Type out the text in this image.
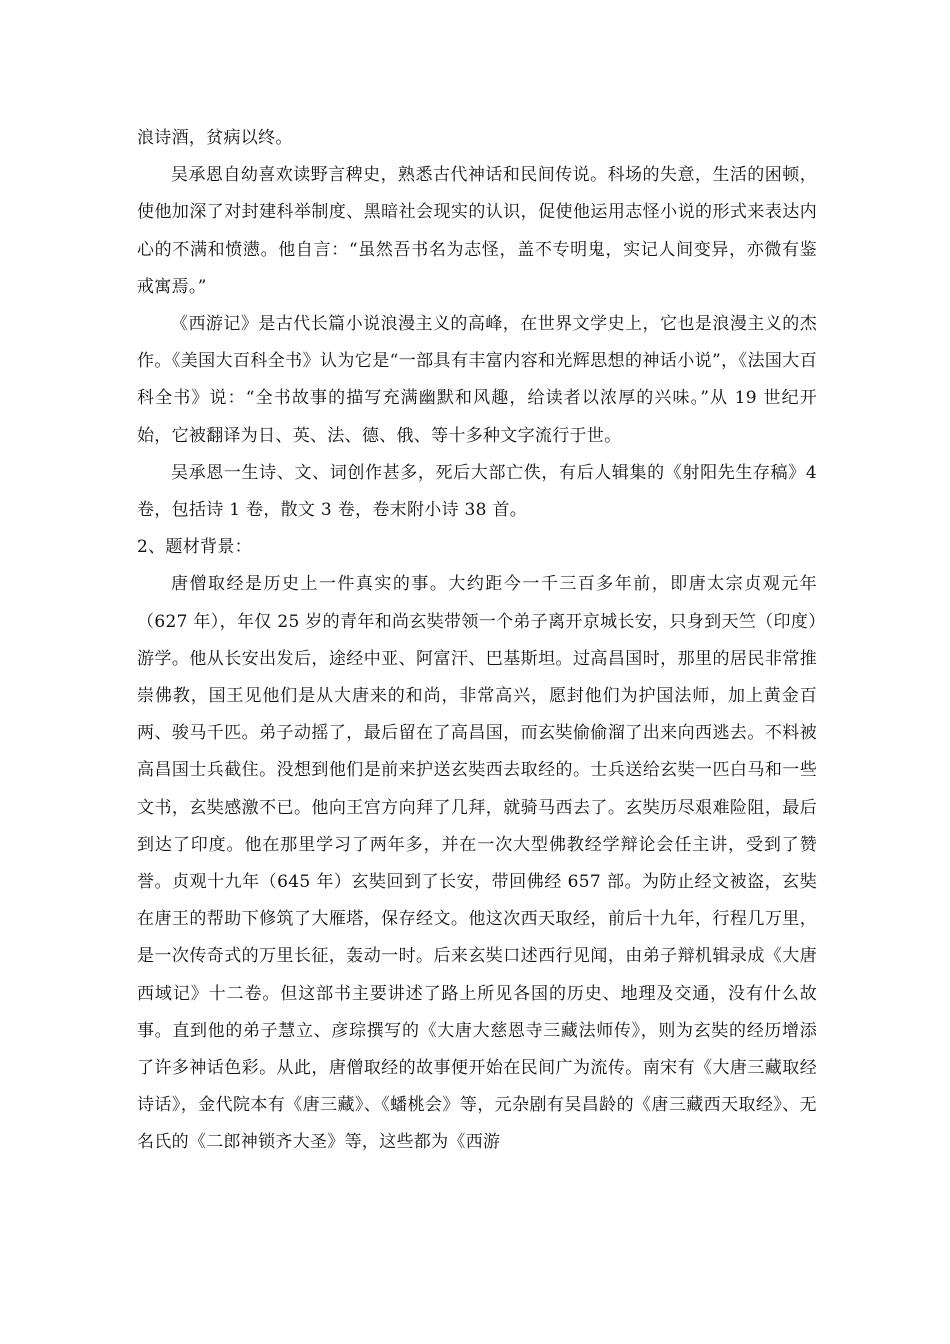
浪诗酒，贫病以终。

吴承恩自幼喜欢读野言稗史，熟悉古代神话和民间传说。科场的失意，生活的困顿，使他加深了对封建科举制度、黑暗社会现实的认识，促使他运用志怪小说的形式来表达内心的不满和愤懑。他自言：“虽然吾书名为志怪，盖不专明鬼，实记人间变异，亦微有鉴戒寓焉。”

《西游记》是古代长篇小说浪漫主义的高峰，在世界文学史上，它也是浪漫主义的杰作。《美国大百科全书》认为它是“一部具有丰富内容和光辉思想的神话小说”，《法国大百科全书》说：“全书故事的描写充满幽默和风趣，给读者以浓厚的兴味。”从 19 世纪开始，它被翻译为日、英、法、德、俄、等十多种文字流行于世。

吴承恩一生诗、文、词创作甚多，死后大部亡佚，有后人辑集的《射阳先生存稿》4 卷，包括诗 1 卷，散文 3 卷，卷末附小诗 38 首。

2、题材背景：

唐僧取经是历史上一件真实的事。大约距今一千三百多年前，即唐太宗贞观元年（627 年），年仅 25 岁的青年和尚玄奘带领一个弟子离开京城长安，只身到天竺（印度）游学。他从长安出发后，途经中亚、阿富汗、巴基斯坦。过高昌国时，那里的居民非常推崇佛教，国王见他们是从大唐来的和尚，非常高兴，愿封他们为护国法师，加上黄金百两、骏马千匹。弟子动摇了，最后留在了高昌国，而玄奘偷偷溜了出来向西逃去。不料被高昌国士兵截住。没想到他们是前来护送玄奘西去取经的。士兵送给玄奘一匹白马和一些文书，玄奘感激不已。他向王宫方向拜了几拜，就骑马西去了。玄奘历尽艰难险阻，最后到达了印度。他在那里学习了两年多，并在一次大型佛教经学辩论会任主讲，受到了赞誉。贞观十九年（645 年）玄奘回到了长安，带回佛经 657 部。为防止经文被盗，玄奘在唐王的帮助下修筑了大雁塔，保存经文。他这次西天取经，前后十九年，行程几万里，是一次传奇式的万里长征，轰动一时。后来玄奘口述西行见闻，由弟子辩机辑录成《大唐西域记》十二卷。但这部书主要讲述了路上所见各国的历史、地理及交通，没有什么故事。直到他的弟子慧立、彦琮撰写的《大唐大慈恩寺三藏法师传》，则为玄奘的经历增添了许多神话色彩。从此，唐僧取经的故事便开始在民间广为流传。南宋有《大唐三藏取经诗话》，金代院本有《唐三藏》、《蟠桃会》等，元杂剧有吴昌龄的《唐三藏西天取经》、无名氏的《二郎神锁齐大圣》等，这些都为《西游
